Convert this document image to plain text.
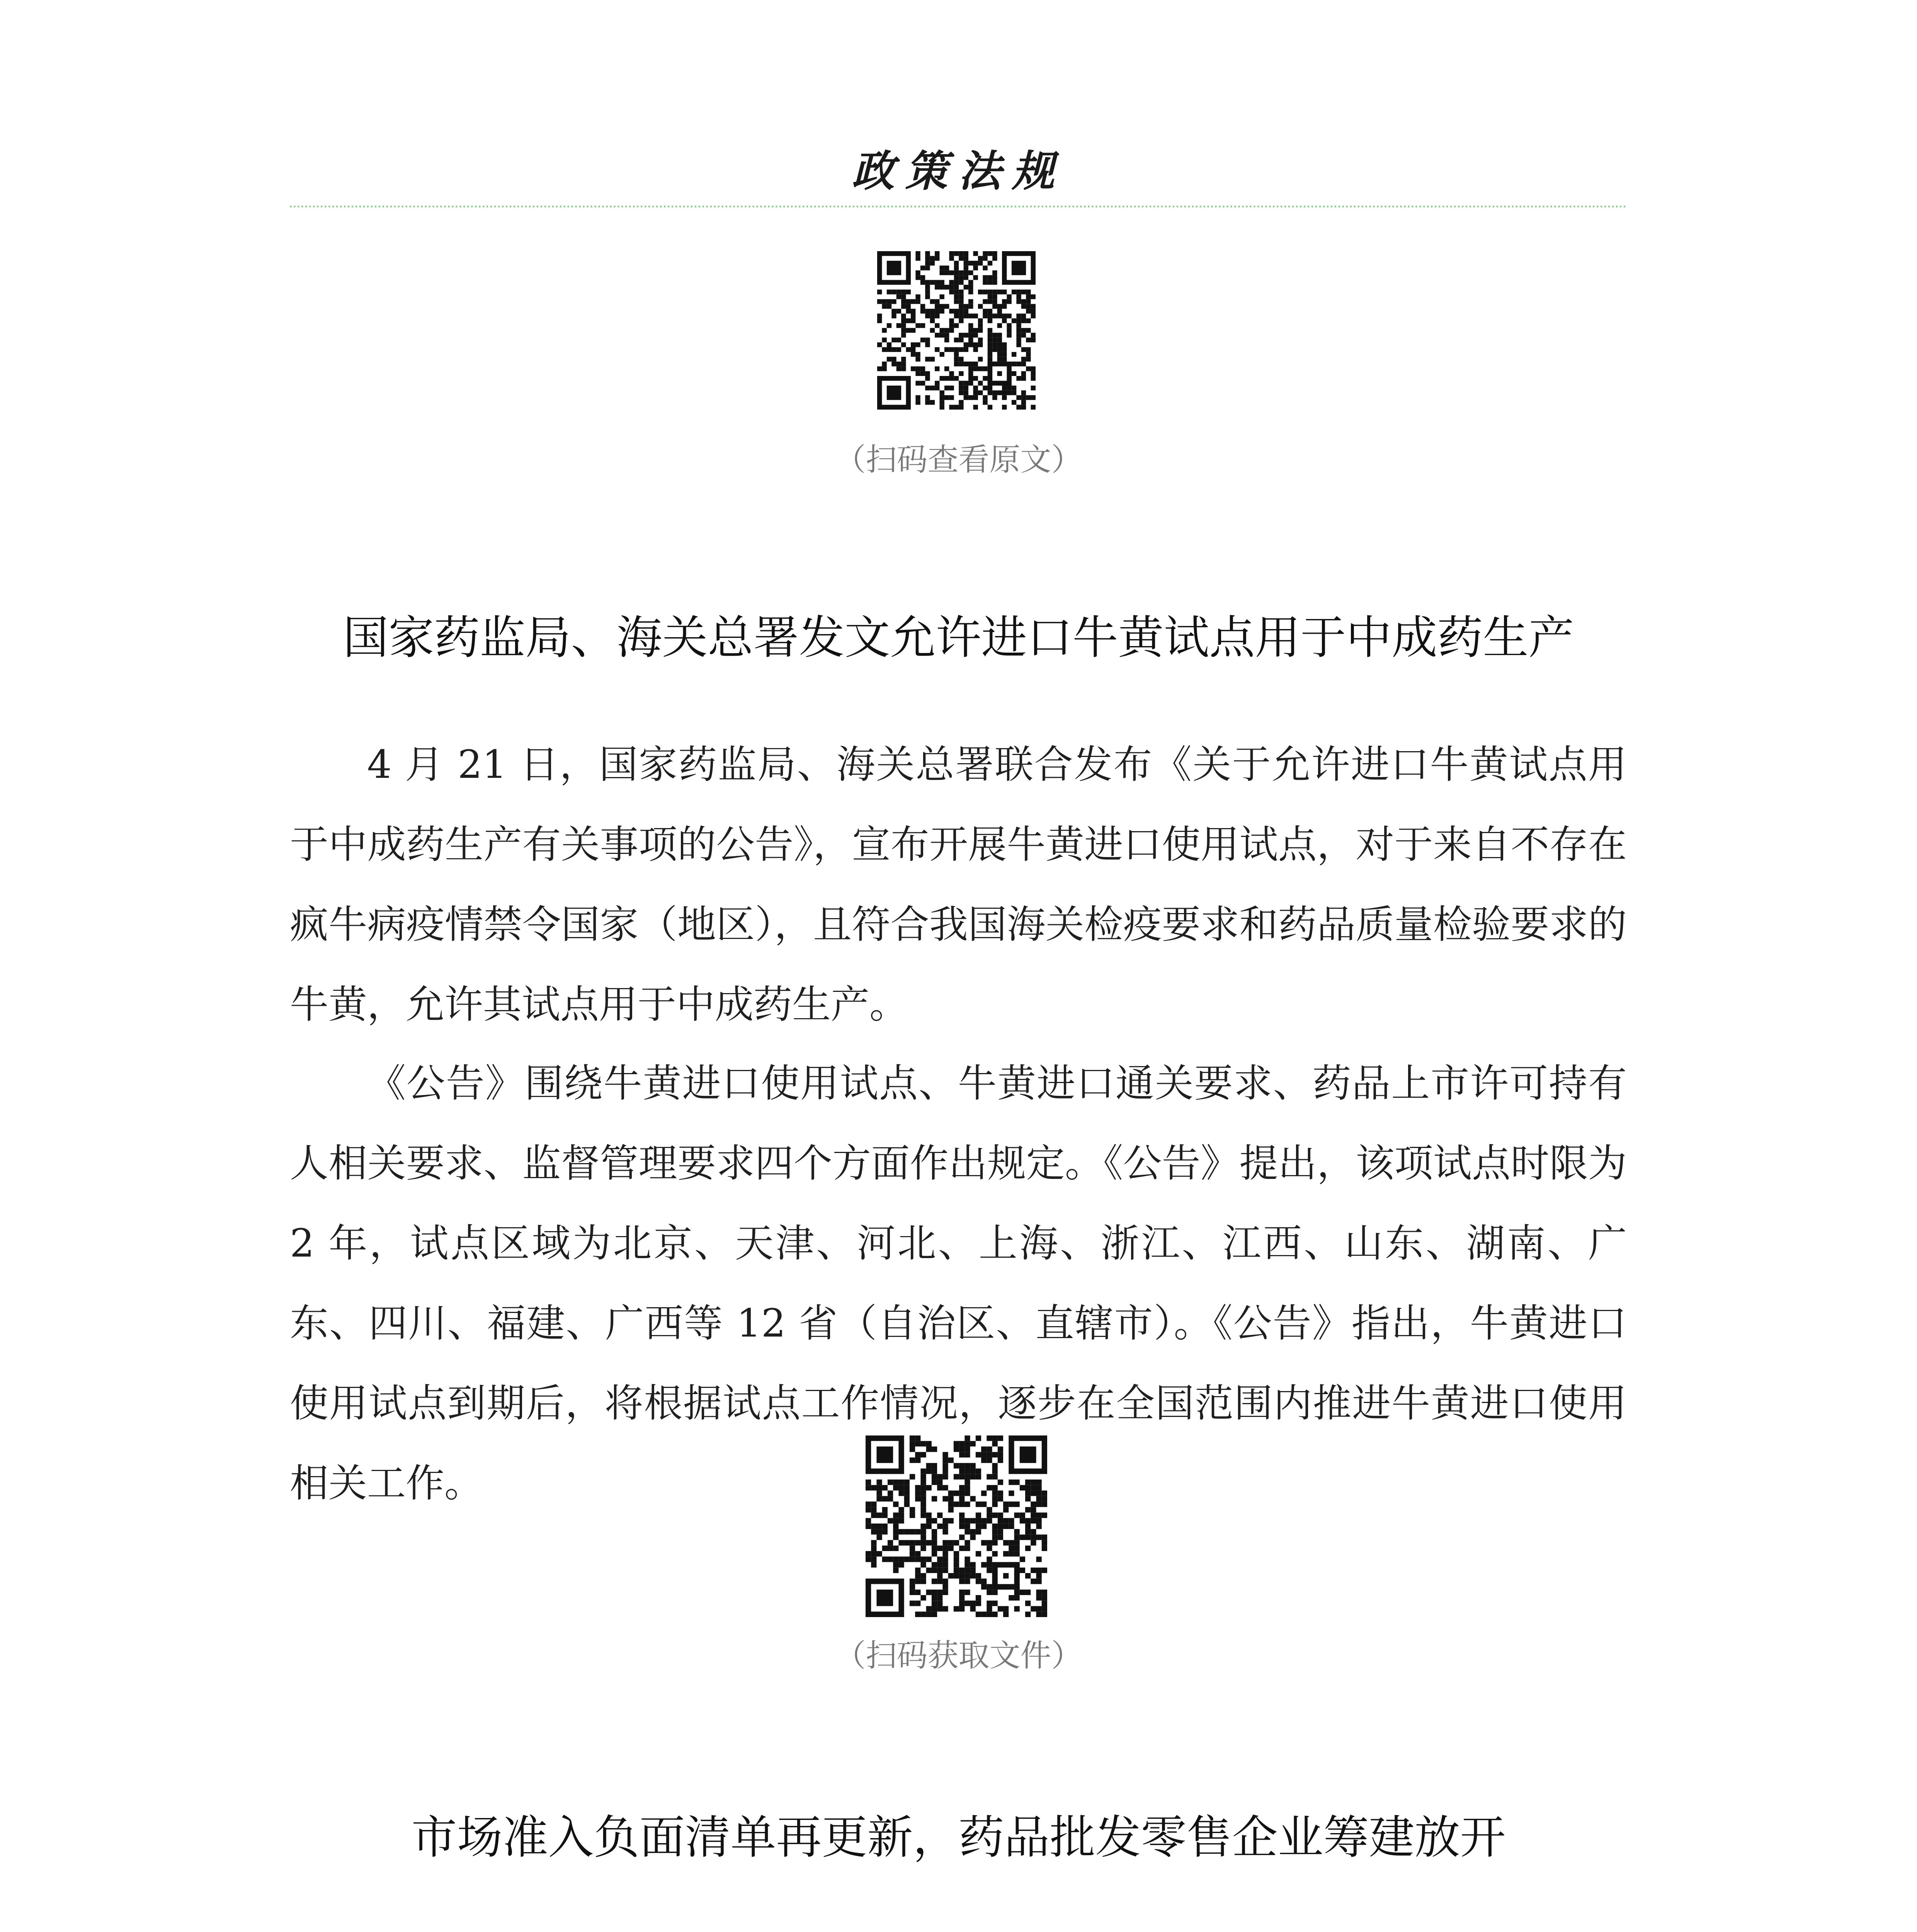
政策法规
（扫码查看原文）
国家药监局、海关总署发文允许进口牛黄试点用于中成药生产

4 月 21 日，国家药监局、海关总署联合发布《关于允许进口牛黄试点用于中成药生产有关事项的公告》，宣布开展牛黄进口使用试点，对于来自不存在疯牛病疫情禁令国家（地区），且符合我国海关检疫要求和药品质量检验要求的牛黄，允许其试点用于中成药生产。

《公告》围绕牛黄进口使用试点、牛黄进口通关要求、药品上市许可持有人相关要求、监督管理要求四个方面作出规定。《公告》提出，该项试点时限为 2 年，试点区域为北京、天津、河北、上海、浙江、江西、山东、湖南、广东、四川、福建、广西等 12 省（自治区、直辖市）。《公告》指出，牛黄进口使用试点到期后，将根据试点工作情况，逐步在全国范围内推进牛黄进口使用相关工作。

（扫码获取文件）
市场准入负面清单再更新，药品批发零售企业筹建放开
